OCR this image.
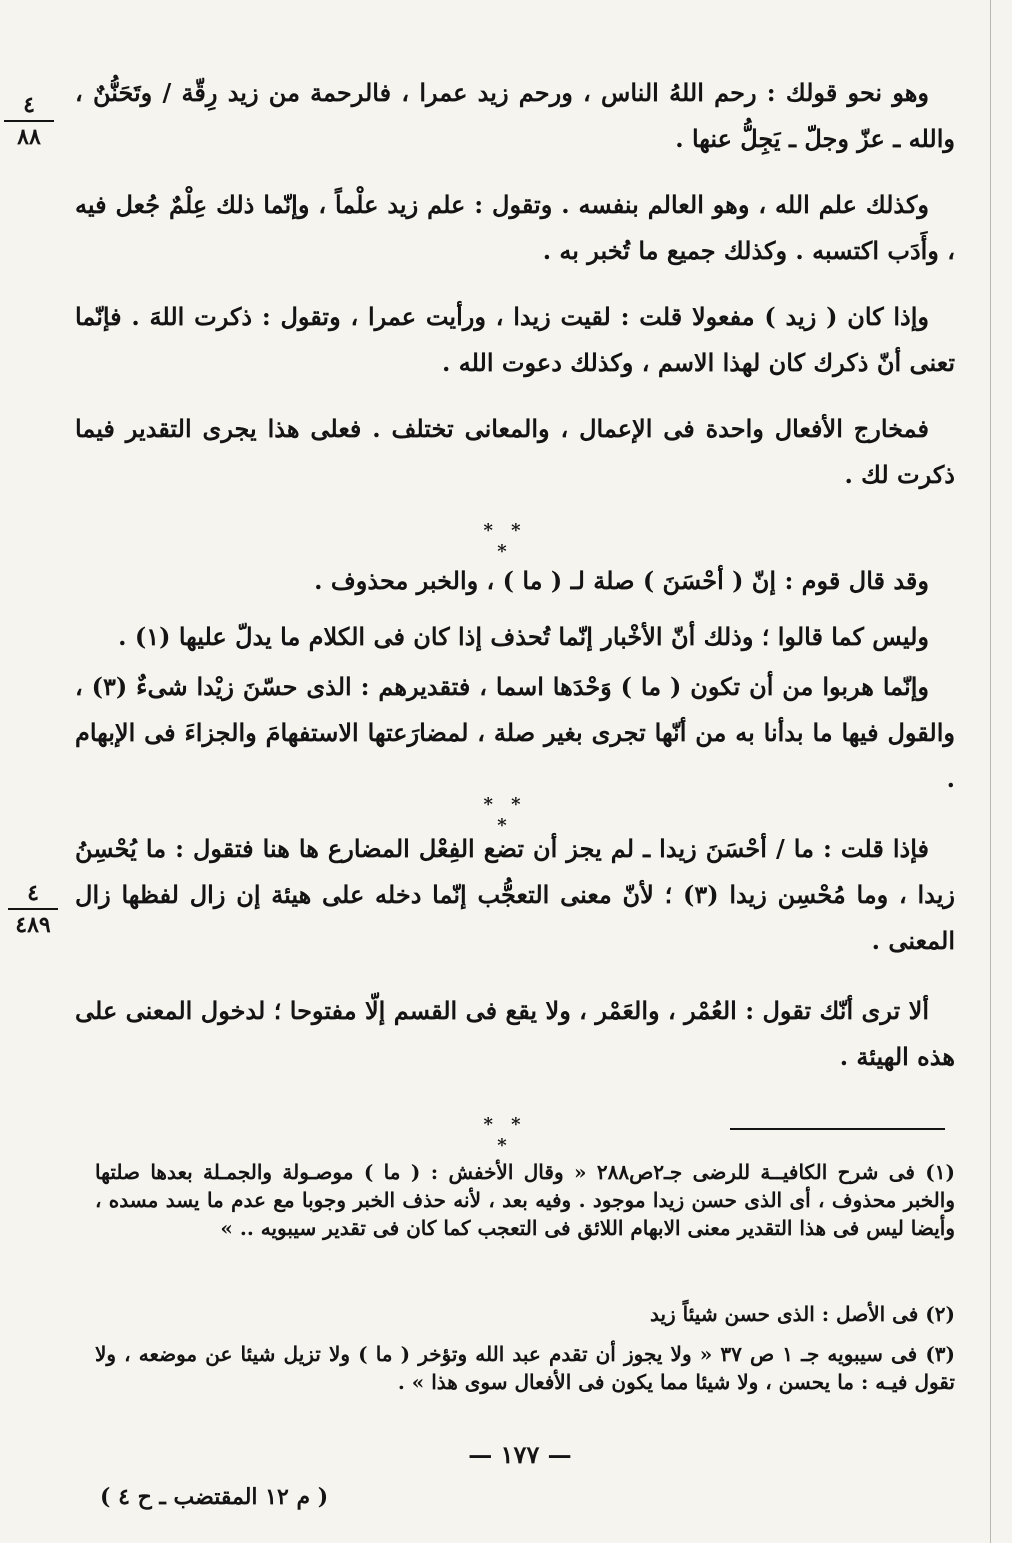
٤
٨٨
٤
٤٨٩

وهو نحو قولك : رحم اللهُ الناس ، ورحم زيد عمرا ، فالرحمة من زيد رِقّة / وتَحَنُّنٌ ، والله ـ عزّ وجلّ ـ يَجِلُّ عنها .

وكذلك علم الله ، وهو العالم بنفسه . وتقول : علم زيد علْماً ، وإنّما ذلك عِلْمٌ جُعل فيه ، وأَدَب اكتسبه . وكذلك جميع ما تُخبر به .

وإذا كان ( زيد ) مفعولا قلت : لقيت زيدا ، ورأيت عمرا ، وتقول : ذكرت اللهَ . فإنّما تعنى أنّ ذكرك كان لهذا الاسم ، وكذلك دعوت الله .

فمخارج الأفعال واحدة فى الإعمال ، والمعانى تختلف . فعلى هذا يجرى التقدير فيما ذكرت لك .

* * *

وقد قال قوم : إنّ ( أحْسَنَ ) صلة لـ ( ما ) ، والخبر محذوف .

وليس كما قالوا ؛ وذلك أنّ الأخْبار إنّما تُحذف إذا كان فى الكلام ما يدلّ عليها (١) .

وإنّما هربوا من أن تكون ( ما ) وَحْدَها اسما ، فتقديرهم : الذى حسّنَ زيْدا شىءٌ (٣) ، والقول فيها ما بدأنا به من أنّها تجرى بغير صلة ، لمضارَعتها الاستفهامَ والجزاءَ فى الإبهام .

* * *

فإذا قلت : ما / أحْسَنَ زيدا ـ لم يجز أن تضع الفِعْل المضارع ها هنا فتقول : ما يُحْسِنُ زيدا ، وما مُحْسِن زيدا (٣) ؛ لأنّ معنى التعجُّب إنّما دخله على هيئة إن زال لفظها زال المعنى .

ألا ترى أنّك تقول : العُمْر ، والعَمْر ، ولا يقع فى القسم إلّا مفتوحا ؛ لدخول المعنى على هذه الهيئة .

* * *

(١) فى شرح الكافيــة للرضى جـ٢ص٢٨٨ « وقال الأخفش : ( ما ) موصـولة والجمـلة بعدها صلتها والخبر محذوف ، أى الذى حسن زيدا موجود . وفيه بعد ، لأنه حذف الخبر وجوبا مع عدم ما يسد مسده ، وأيضا ليس فى هذا التقدير معنى الابهام اللائق فى التعجب كما كان فى تقدير سيبويه .. »

(٢) فى الأصل : الذى حسن شيئاً زيد

(٣) فى سيبويه جـ ١ ص ٣٧ « ولا يجوز أن تقدم عبد الله وتؤخر ( ما ) ولا تزيل شيئا عن موضعه ، ولا تقول فيـه : ما يحسن ، ولا شيئا مما يكون فى الأفعال سوى هذا » .

— ١٧٧ —
( م ١٢ المقتضب ـ ح ٤ )
